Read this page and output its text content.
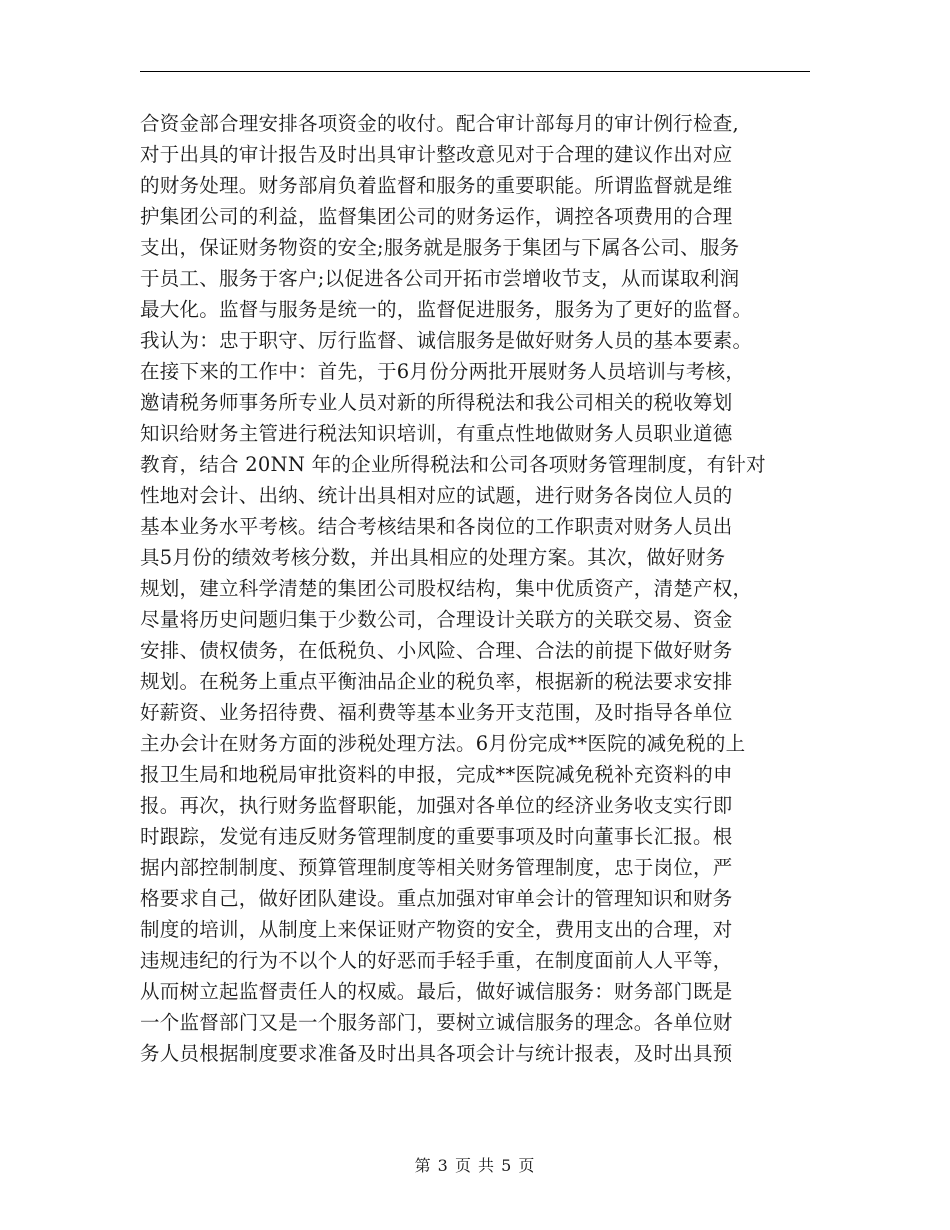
合资金部合理安排各项资金的收付。配合审计部每月的审计例行检查,
对于出具的审计报告及时出具审计整改意见对于合理的建议作出对应
的财务处理。财务部肩负着监督和服务的重要职能。所谓监督就是维
护集团公司的利益，监督集团公司的财务运作，调控各项费用的合理
支出，保证财务物资的安全;服务就是服务于集团与下属各公司、服务
于员工、服务于客户;以促进各公司开拓市尝增收节支，从而谋取利润
最大化。监督与服务是统一的，监督促进服务，服务为了更好的监督。
我认为：忠于职守、厉行监督、诚信服务是做好财务人员的基本要素。
在接下来的工作中：首先，于6月份分两批开展财务人员培训与考核，
邀请税务师事务所专业人员对新的所得税法和我公司相关的税收筹划
知识给财务主管进行税法知识培训，有重点性地做财务人员职业道德
教育，结合 20NN 年的企业所得税法和公司各项财务管理制度，有针对
性地对会计、出纳、统计出具相对应的试题，进行财务各岗位人员的
基本业务水平考核。结合考核结果和各岗位的工作职责对财务人员出
具5月份的绩效考核分数，并出具相应的处理方案。其次，做好财务
规划，建立科学清楚的集团公司股权结构，集中优质资产，清楚产权，
尽量将历史问题归集于少数公司，合理设计关联方的关联交易、资金
安排、债权债务，在低税负、小风险、合理、合法的前提下做好财务
规划。在税务上重点平衡油品企业的税负率，根据新的税法要求安排
好薪资、业务招待费、福利费等基本业务开支范围，及时指导各单位
主办会计在财务方面的涉税处理方法。6月份完成**医院的减免税的上
报卫生局和地税局审批资料的申报，完成**医院减免税补充资料的申
报。再次，执行财务监督职能，加强对各单位的经济业务收支实行即
时跟踪，发觉有违反财务管理制度的重要事项及时向董事长汇报。根
据内部控制制度、预算管理制度等相关财务管理制度，忠于岗位，严
格要求自己，做好团队建设。重点加强对审单会计的管理知识和财务
制度的培训，从制度上来保证财产物资的安全，费用支出的合理，对
违规违纪的行为不以个人的好恶而手轻手重，在制度面前人人平等，
从而树立起监督责任人的权威。最后，做好诚信服务：财务部门既是
一个监督部门又是一个服务部门，要树立诚信服务的理念。各单位财
务人员根据制度要求准备及时出具各项会计与统计报表，及时出具预
第 3 页 共 5 页
